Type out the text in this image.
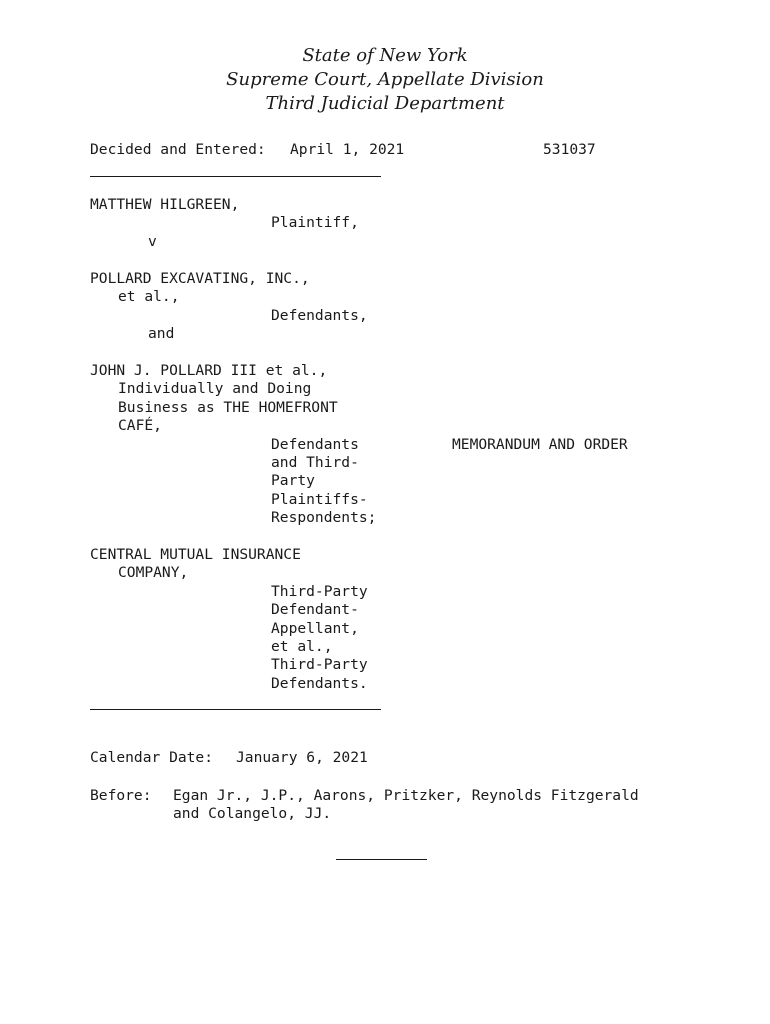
State of New York
Supreme Court, Appellate Division
Third Judicial Department
Decided and Entered: April 1, 2021	531037
MATTHEW HILGREEN,
Plaintiff,
v
POLLARD EXCAVATING, INC.,
et al.,
Defendants,
and
JOHN J. POLLARD III et al.,
Individually and Doing
Business as THE HOMEFRONT
CAFÉ,
Defendants	MEMORANDUM AND ORDER
and Third-
Party
Plaintiffs-
Respondents;
CENTRAL MUTUAL INSURANCE
COMPANY,
Third-Party
Defendant-
Appellant,
et al.,
Third-Party
Defendants.
Calendar Date: January 6, 2021
Before: Egan Jr., J.P., Aarons, Pritzker, Reynolds Fitzgerald
and Colangelo, JJ.
